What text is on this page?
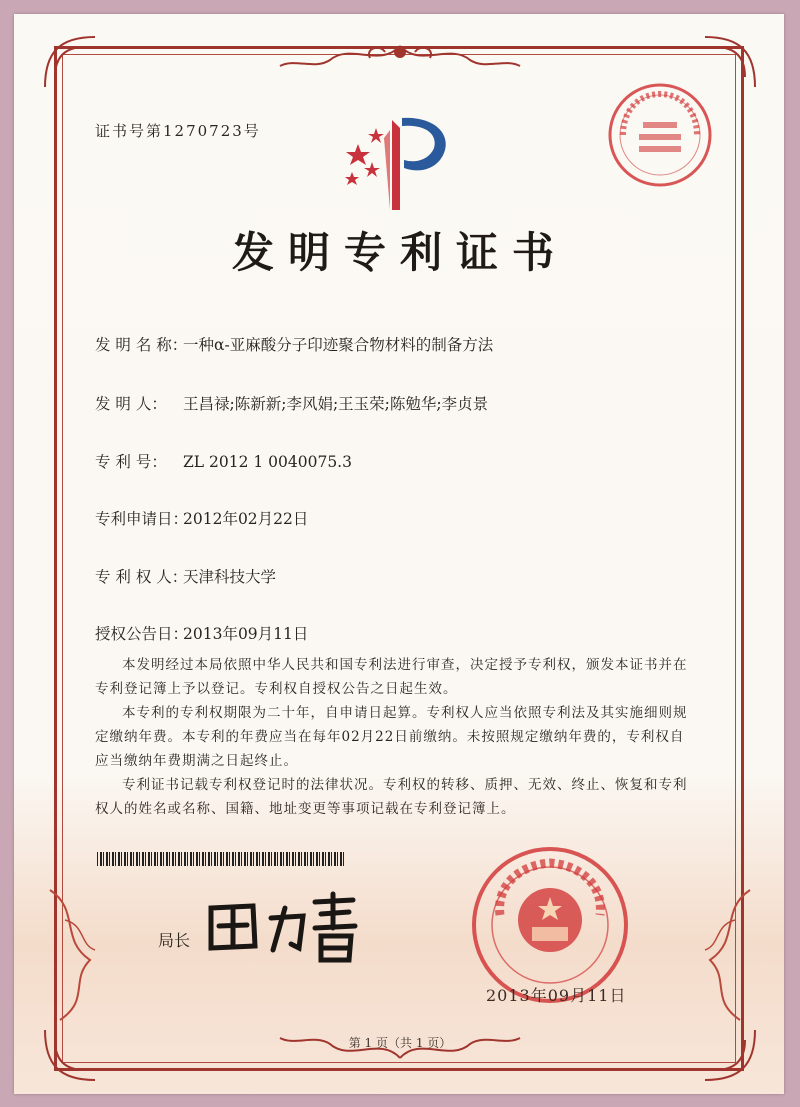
证书号第1270723号
发明专利证书
发 明 名 称：一种α-亚麻酸分子印迹聚合物材料的制备方法
发 明 人： 王昌禄;陈新新;李风娟;王玉荣;陈勉华;李贞景
专 利 号： ZL 2012 1 0040075.3
专利申请日：2012年02月22日
专 利 权 人：天津科技大学
授权公告日：2013年09月11日

本发明经过本局依照中华人民共和国专利法进行审查，决定授予专利权，颁发本证书并在专利登记簿上予以登记。专利权自授权公告之日起生效。

本专利的专利权期限为二十年，自申请日起算。专利权人应当依照专利法及其实施细则规定缴纳年费。本专利的年费应当在每年02月22日前缴纳。未按照规定缴纳年费的，专利权自应当缴纳年费期满之日起终止。

专利证书记载专利权登记时的法律状况。专利权的转移、质押、无效、终止、恢复和专利权人的姓名或名称、国籍、地址变更等事项记载在专利登记簿上。

局长
2013年09月11日
第 1 页（共 1 页）
